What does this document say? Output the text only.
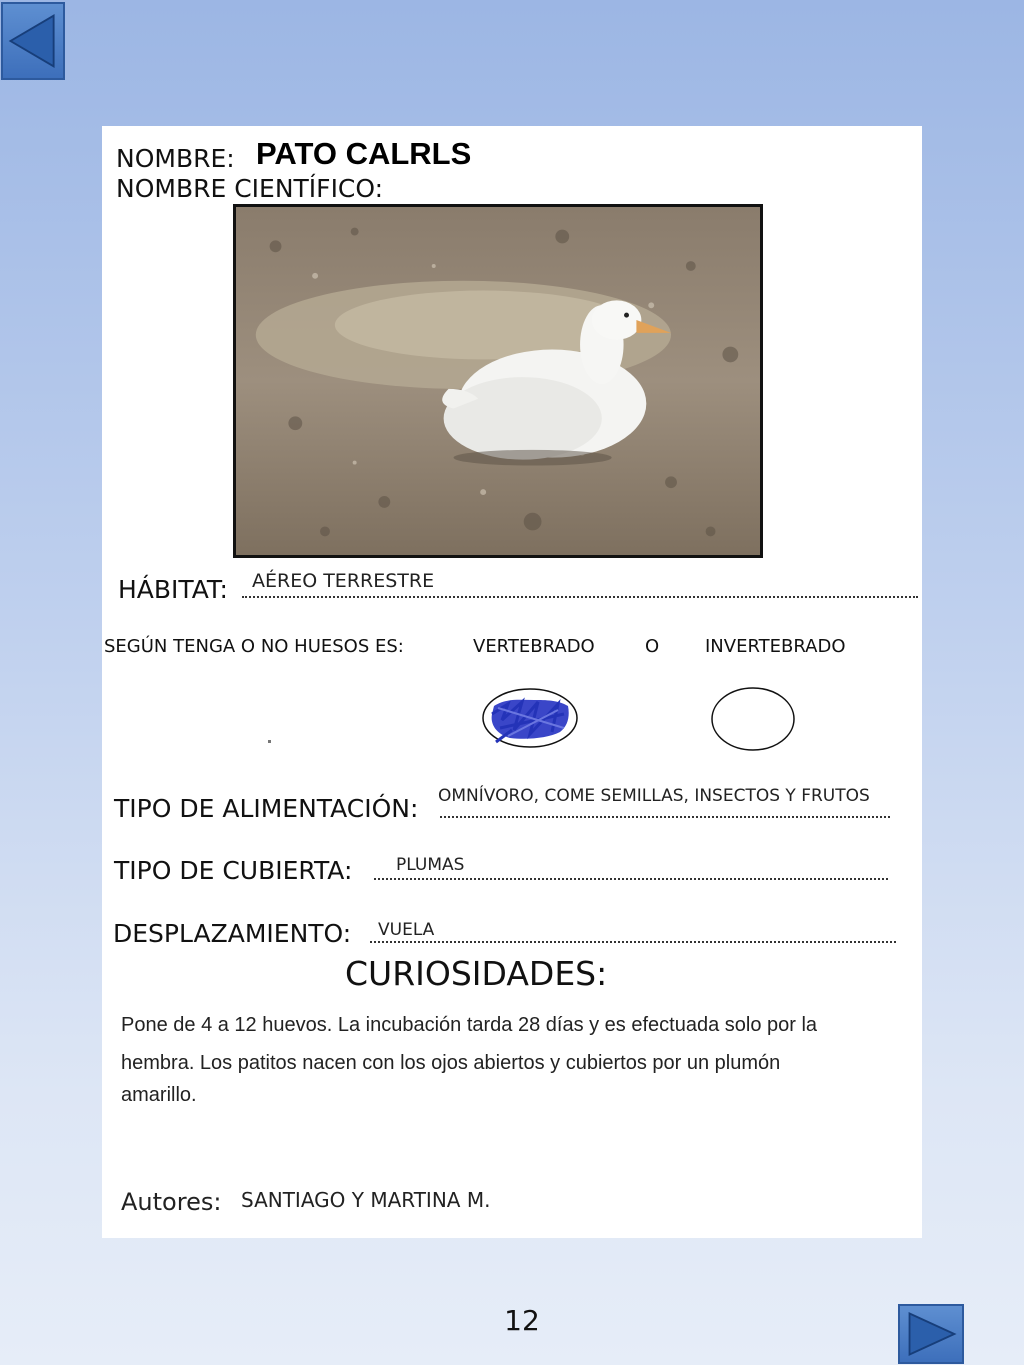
NOMBRE: PATO CALRLS
NOMBRE CIENTÍFICO:
HÁBITAT: AÉREO TERRESTRE
SEGÚN TENGA O NO HUESOS ES:	VERTEBRADO	O	INVERTEBRADO
TIPO DE ALIMENTACIÓN: OMNÍVORO, COME SEMILLAS, INSECTOS Y FRUTOS
TIPO DE CUBIERTA:	PLUMAS
DESPLAZAMIENTO: VUELA
CURIOSIDADES:
Pone de 4 a 12 huevos. La incubación tarda 28 días y es efectuada solo por la
hembra. Los patitos nacen con los ojos abiertos y cubiertos por un plumón
amarillo.
Autores: SANTIAGO Y MARTINA M.
12
